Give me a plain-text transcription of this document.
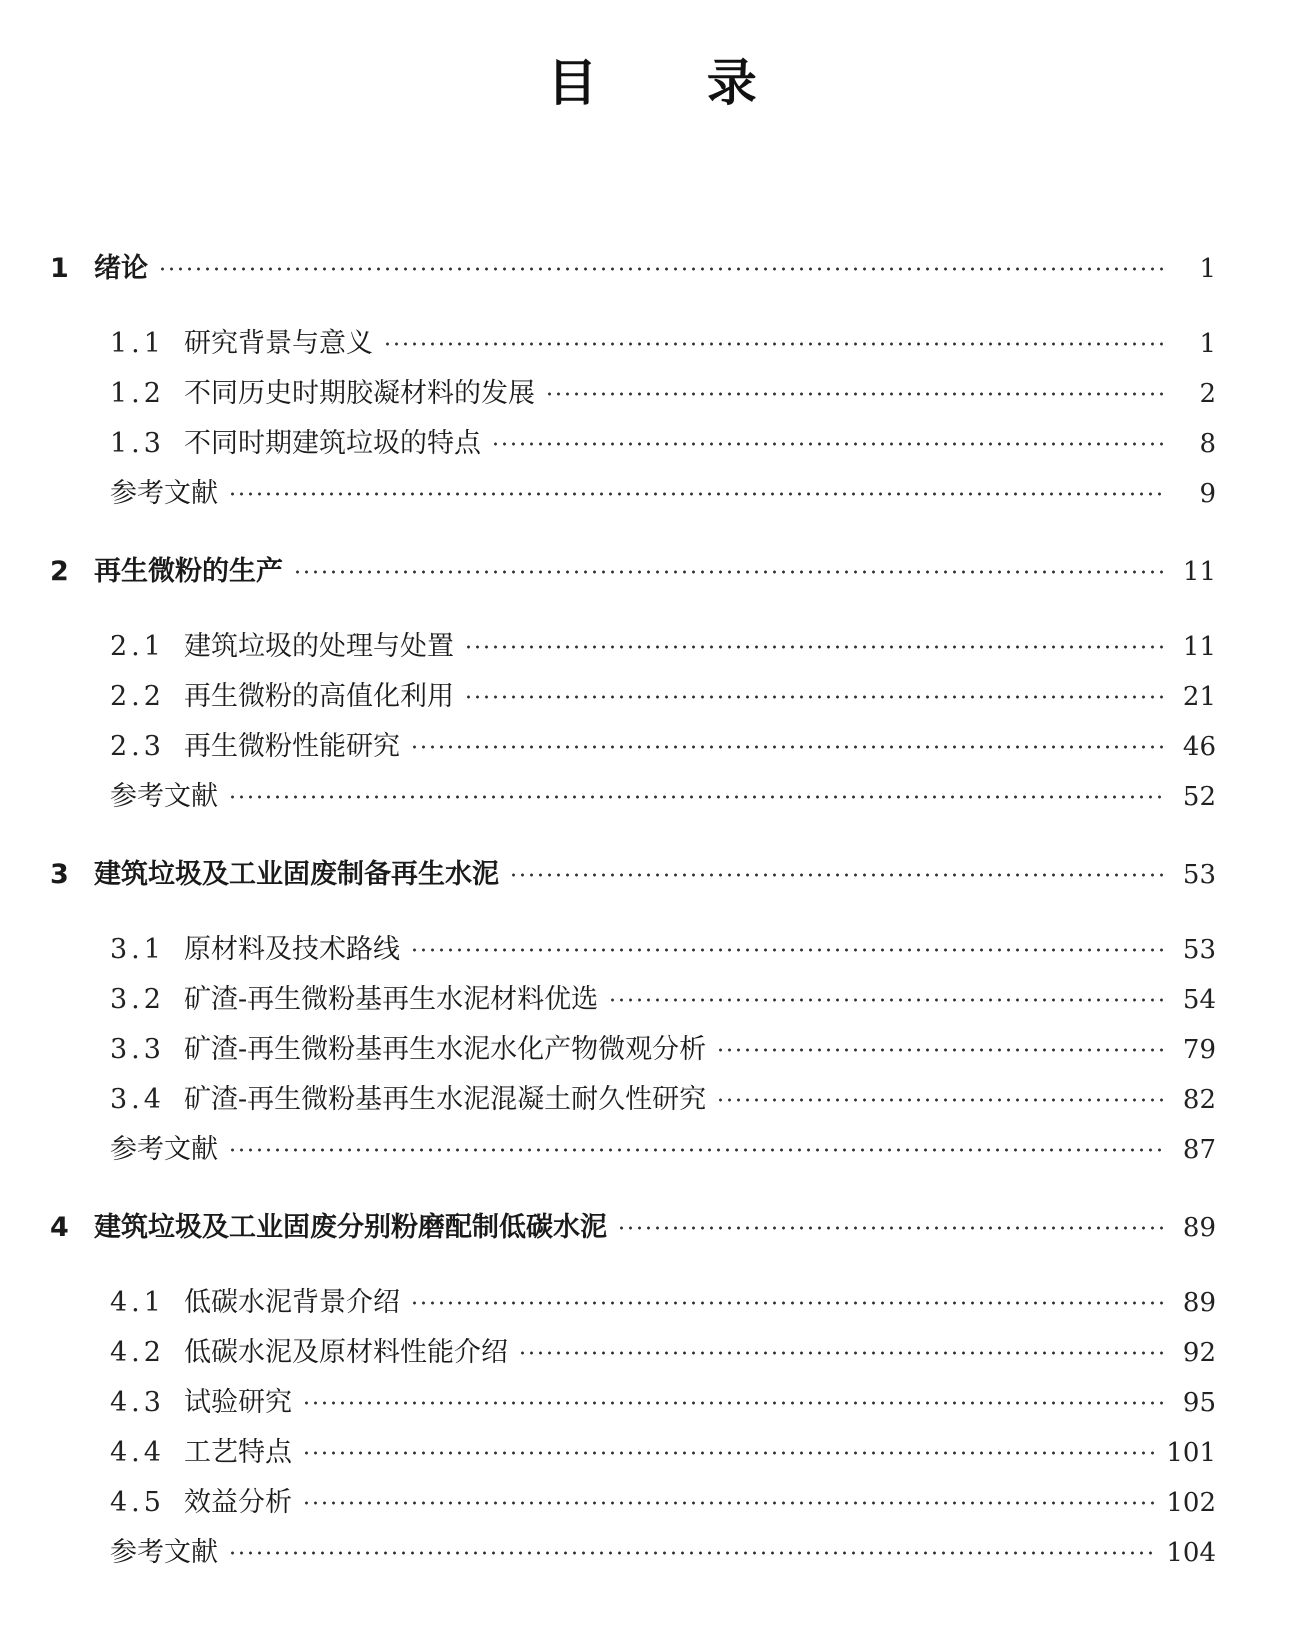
目 录
1 绪论	1
1.1 研究背景与意义	1
1.2 不同历史时期胶凝材料的发展	2
1.3 不同时期建筑垃圾的特点	8
参考文献	9
2 再生微粉的生产	11
2.1 建筑垃圾的处理与处置	11
2.2 再生微粉的高值化利用	21
2.3 再生微粉性能研究	46
参考文献	52
3 建筑垃圾及工业固废制备再生水泥	53
3.1 原材料及技术路线	53
3.2 矿渣-再生微粉基再生水泥材料优选	54
3.3 矿渣-再生微粉基再生水泥水化产物微观分析	79
3.4 矿渣-再生微粉基再生水泥混凝土耐久性研究	82
参考文献	87
4 建筑垃圾及工业固废分别粉磨配制低碳水泥	89
4.1 低碳水泥背景介绍	89
4.2 低碳水泥及原材料性能介绍	92
4.3 试验研究	95
4.4 工艺特点	101
4.5 效益分析	102
参考文献	104
